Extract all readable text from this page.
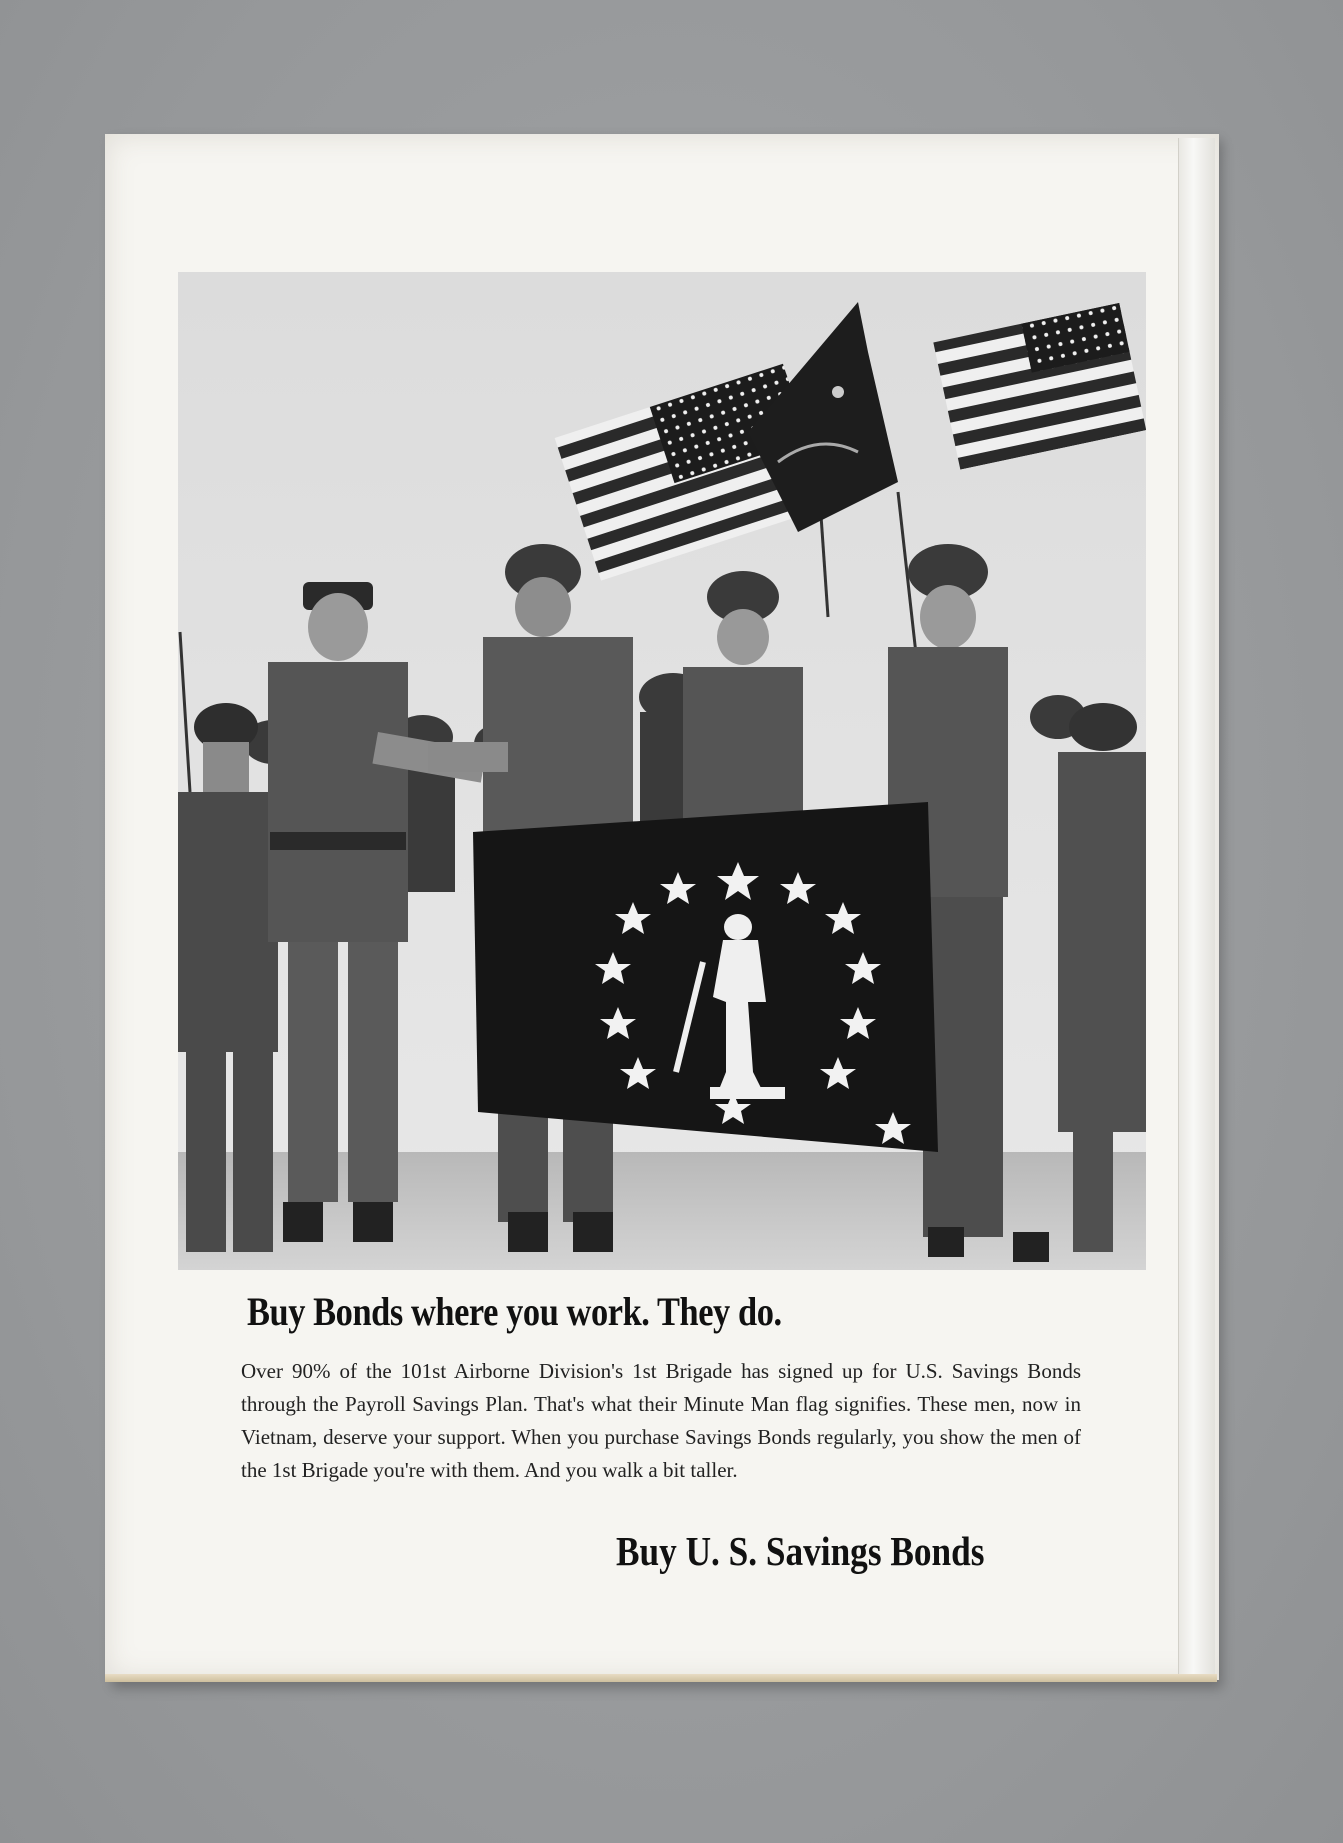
Buy Bonds where you work. They do.

Over 90% of the 101st Airborne Division's 1st Brigade has signed up for U.S. Savings Bonds through the Payroll Savings Plan. That's what their Minute Man flag signifies. These men, now in Vietnam, deserve your support. When you purchase Savings Bonds regularly, you show the men of the 1st Brigade you're with them. And you walk a bit taller.

Buy U. S. Savings Bonds
